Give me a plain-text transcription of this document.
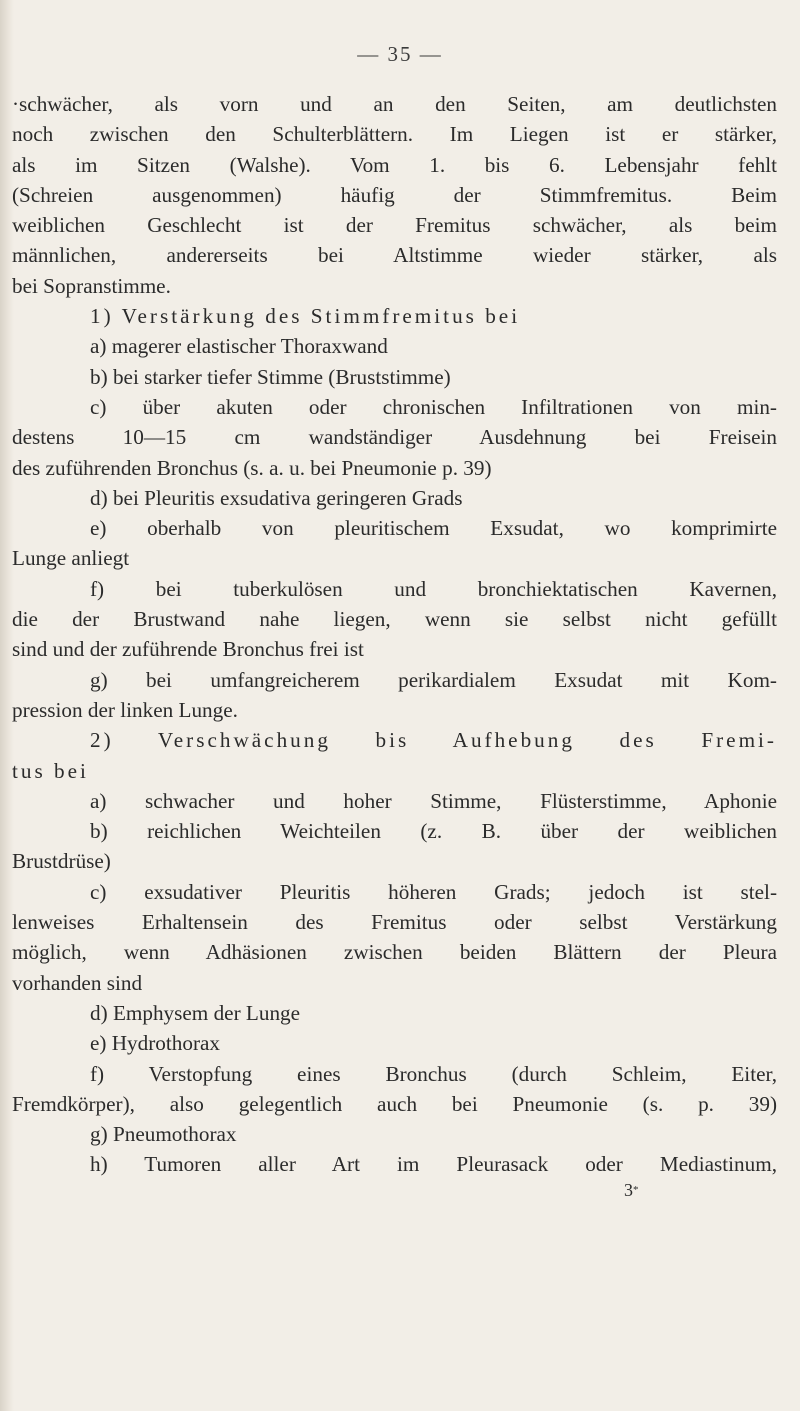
— 35 —
·schwächer, als vorn und an den Seiten, am deutlichsten
noch zwischen den Schulterblättern. Im Liegen ist er stärker,
als im Sitzen (Walshe). Vom 1. bis 6. Lebensjahr fehlt
(Schreien ausgenommen) häufig der Stimmfremitus. Beim
weiblichen Geschlecht ist der Fremitus schwächer, als beim
männlichen, andererseits bei Altstimme wieder stärker, als
bei Sopranstimme.
1) Verstärkung des Stimmfremitus bei
a) magerer elastischer Thoraxwand
b) bei starker tiefer Stimme (Bruststimme)
c) über akuten oder chronischen Infiltrationen von min-
destens 10—15 cm wandständiger Ausdehnung bei Freisein
des zuführenden Bronchus (s. a. u. bei Pneumonie p. 39)
d) bei Pleuritis exsudativa geringeren Grads
e) oberhalb von pleuritischem Exsudat, wo komprimirte
Lunge anliegt
f) bei tuberkulösen und bronchiektatischen Kavernen,
die der Brustwand nahe liegen, wenn sie selbst nicht gefüllt
sind und der zuführende Bronchus frei ist
g) bei umfangreicherem perikardialem Exsudat mit Kom-
pression der linken Lunge.
2) Verschwächung bis Aufhebung des Fremi-
tus bei
a) schwacher und hoher Stimme, Flüsterstimme, Aphonie
b) reichlichen Weichteilen (z. B. über der weiblichen
Brustdrüse)
c) exsudativer Pleuritis höheren Grads; jedoch ist stel-
lenweises Erhaltensein des Fremitus oder selbst Verstärkung
möglich, wenn Adhäsionen zwischen beiden Blättern der Pleura
vorhanden sind
d) Emphysem der Lunge
e) Hydrothorax
f) Verstopfung eines Bronchus (durch Schleim, Eiter,
Fremdkörper), also gelegentlich auch bei Pneumonie (s. p. 39)
g) Pneumothorax
h) Tumoren aller Art im Pleurasack oder Mediastinum,
3*
